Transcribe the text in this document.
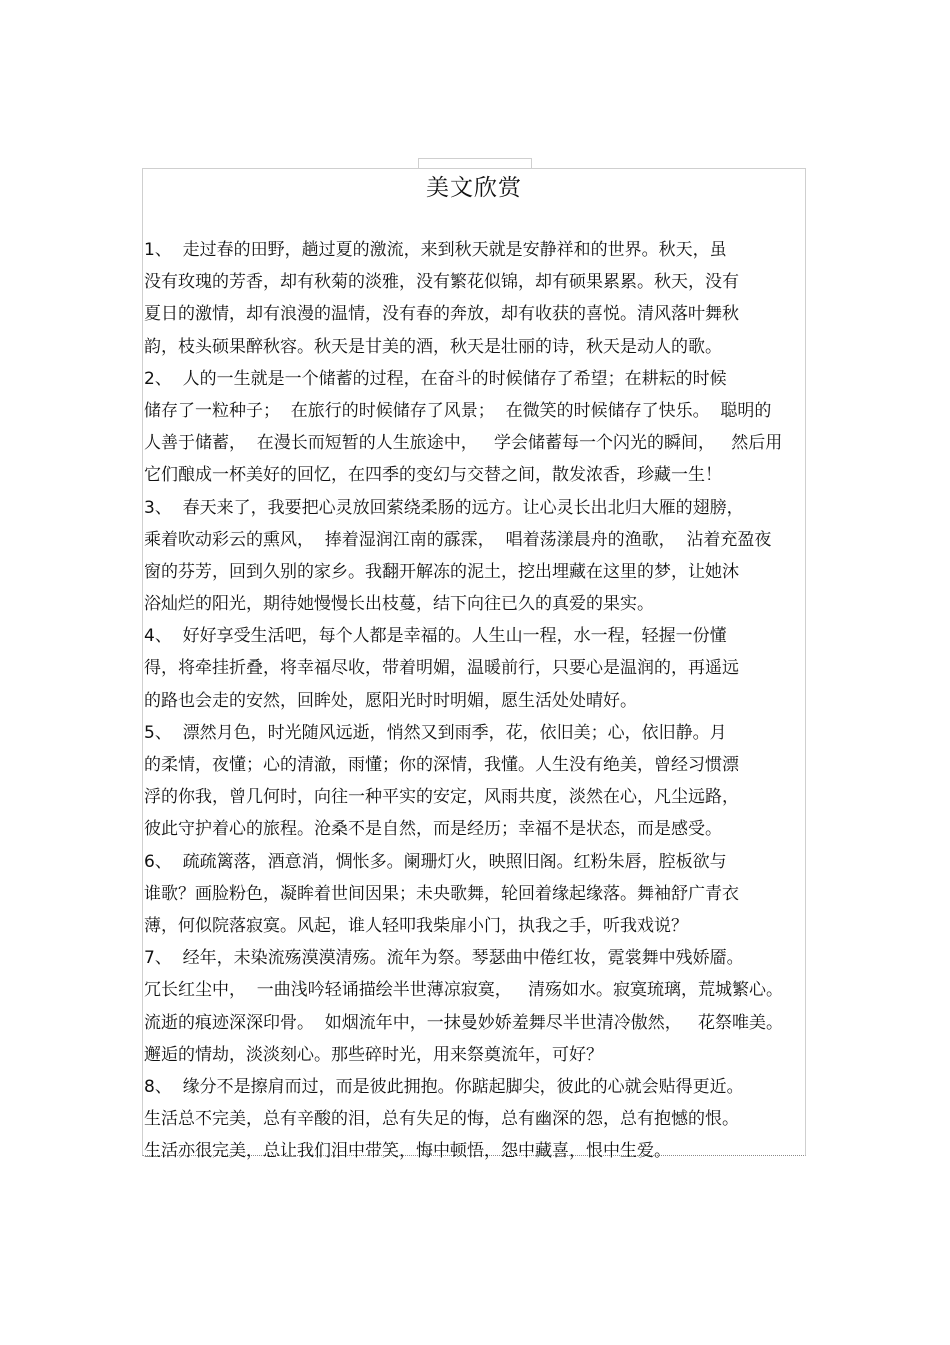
美文欣赏
1、  走过春的田野，趟过夏的激流，来到秋天就是安静祥和的世界。秋天，虽
没有玫瑰的芳香，却有秋菊的淡雅，没有繁花似锦，却有硕果累累。秋天，没有
夏日的激情，却有浪漫的温情，没有春的奔放，却有收获的喜悦。清风落叶舞秋
韵，枝头硕果醉秋容。秋天是甘美的酒，秋天是壮丽的诗，秋天是动人的歌。
2、  人的一生就是一个储蓄的过程，在奋斗的时候储存了希望；在耕耘的时候
储存了一粒种子；  在旅行的时候储存了风景；  在微笑的时候储存了快乐。  聪明的
人善于储蓄，  在漫长而短暂的人生旅途中，   学会储蓄每一个闪光的瞬间，   然后用
它们酿成一杯美好的回忆，在四季的变幻与交替之间，散发浓香，珍藏一生！
3、  春天来了，我要把心灵放回萦绕柔肠的远方。让心灵长出北归大雁的翅膀，
乘着吹动彩云的熏风，  捧着湿润江南的霡霂，  唱着荡漾晨舟的渔歌，  沾着充盈夜
窗的芬芳，回到久别的家乡。我翻开解冻的泥土，挖出埋藏在这里的梦，让她沐
浴灿烂的阳光，期待她慢慢长出枝蔓，结下向往已久的真爱的果实。
4、  好好享受生活吧，每个人都是幸福的。人生山一程，水一程，轻握一份懂
得，将牵挂折叠，将幸福尽收，带着明媚，温暖前行，只要心是温润的，再遥远
的路也会走的安然，回眸处，愿阳光时时明媚，愿生活处处晴好。
5、  漂然月色，时光随风远逝，悄然又到雨季，花，依旧美；心，依旧静。月
的柔情，夜懂；心的清澈，雨懂；你的深情，我懂。人生没有绝美，曾经习惯漂
浮的你我，曾几何时，向往一种平实的安定，风雨共度，淡然在心，凡尘远路，
彼此守护着心的旅程。沧桑不是自然，而是经历；幸福不是状态，而是感受。
6、  疏疏篱落，酒意消，惆怅多。阑珊灯火，映照旧阁。红粉朱唇，腔板欲与
谁歌？画脸粉色，凝眸着世间因果；未央歌舞，轮回着缘起缘落。舞袖舒广青衣
薄，何似院落寂寞。风起，谁人轻叩我柴扉小门，执我之手，听我戏说？
7、  经年，未染流殇漠漠清殇。流年为祭。琴瑟曲中倦红妆，霓裳舞中残娇靥。
冗长红尘中，  一曲浅吟轻诵描绘半世薄凉寂寞，   清殇如水。寂寞琉璃，荒城繁心。
流逝的痕迹深深印骨。  如烟流年中，一抹曼妙娇羞舞尽半世清冷傲然，   花祭唯美。
邂逅的情劫，淡淡刻心。那些碎时光，用来祭奠流年，可好？
8、  缘分不是擦肩而过，而是彼此拥抱。你踮起脚尖，彼此的心就会贴得更近。
生活总不完美，总有辛酸的泪，总有失足的悔，总有幽深的怨，总有抱憾的恨。
生活亦很完美，总让我们泪中带笑，悔中顿悟，怨中藏喜，恨中生爱。
